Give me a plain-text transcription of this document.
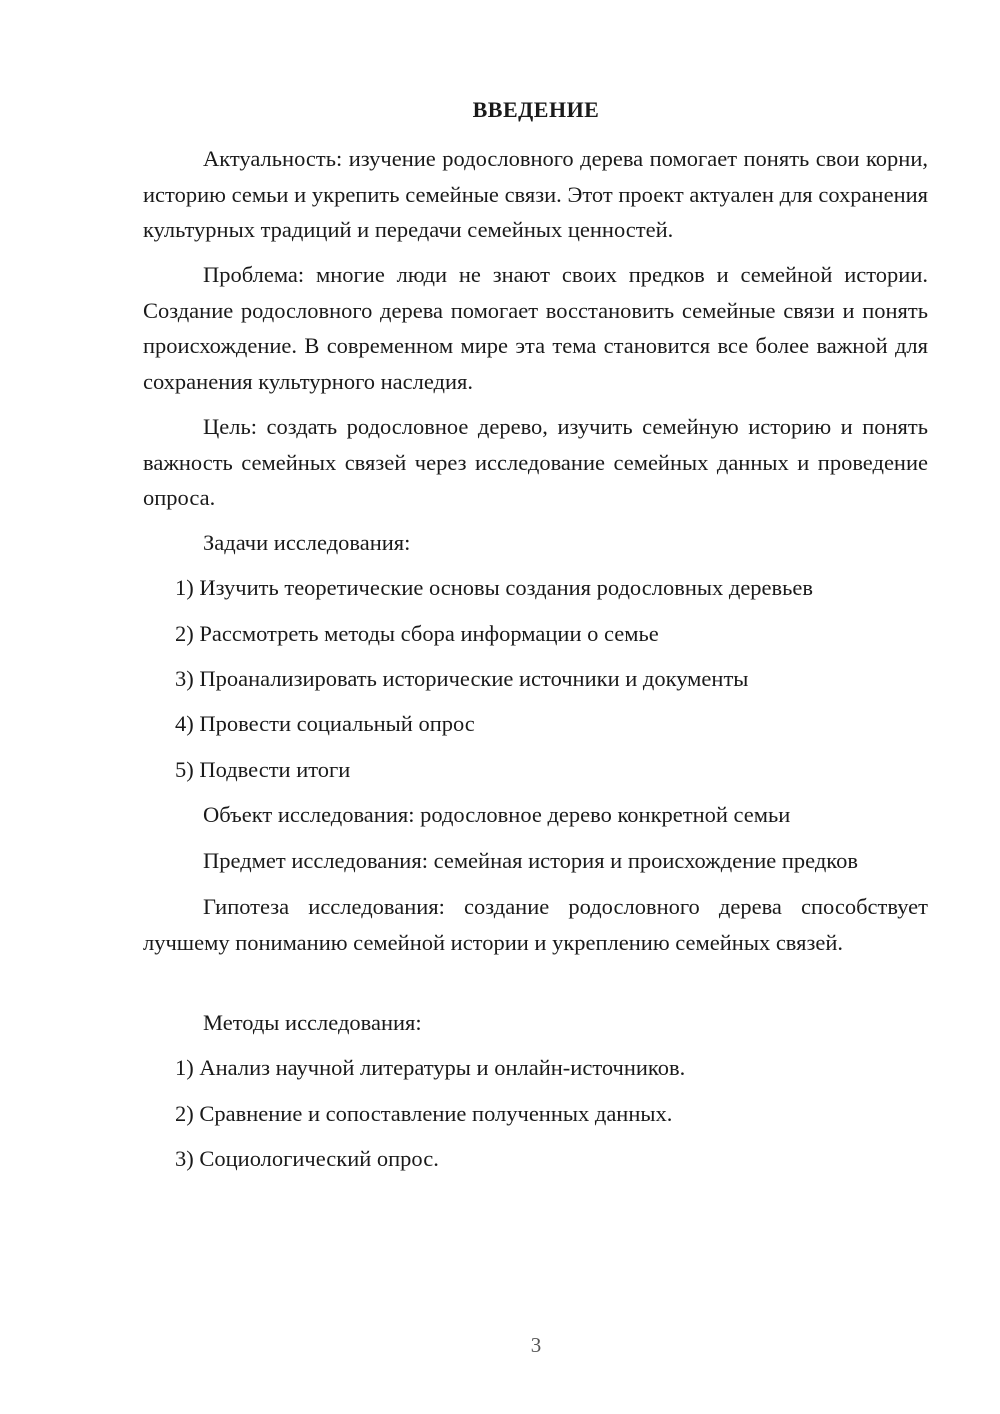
ВВЕДЕНИЕ

Актуальность: изучение родословного дерева помогает понять свои корни, историю семьи и укрепить семейные связи. Этот проект актуален для сохранения культурных традиций и передачи семейных ценностей.

Проблема: многие люди не знают своих предков и семейной истории. Создание родословного дерева помогает восстановить семейные связи и понять происхождение. В современном мире эта тема становится все более важной для сохранения культурного наследия.

Цель: создать родословное дерево, изучить семейную историю и понять важность семейных связей через исследование семейных данных и проведение опроса.

Задачи исследования:

1) Изучить теоретические основы создания родословных деревьев

2) Рассмотреть методы сбора информации о семье

3) Проанализировать исторические источники и документы

4) Провести социальный опрос

5) Подвести итоги

Объект исследования: родословное дерево конкретной семьи

Предмет исследования: семейная история и происхождение предков

Гипотеза исследования: создание родословного дерева способствует лучшему пониманию семейной истории и укреплению семейных связей.

Методы исследования:

1) Анализ научной литературы и онлайн-источников.

2) Сравнение и сопоставление полученных данных.

3) Социологический опрос.

3
